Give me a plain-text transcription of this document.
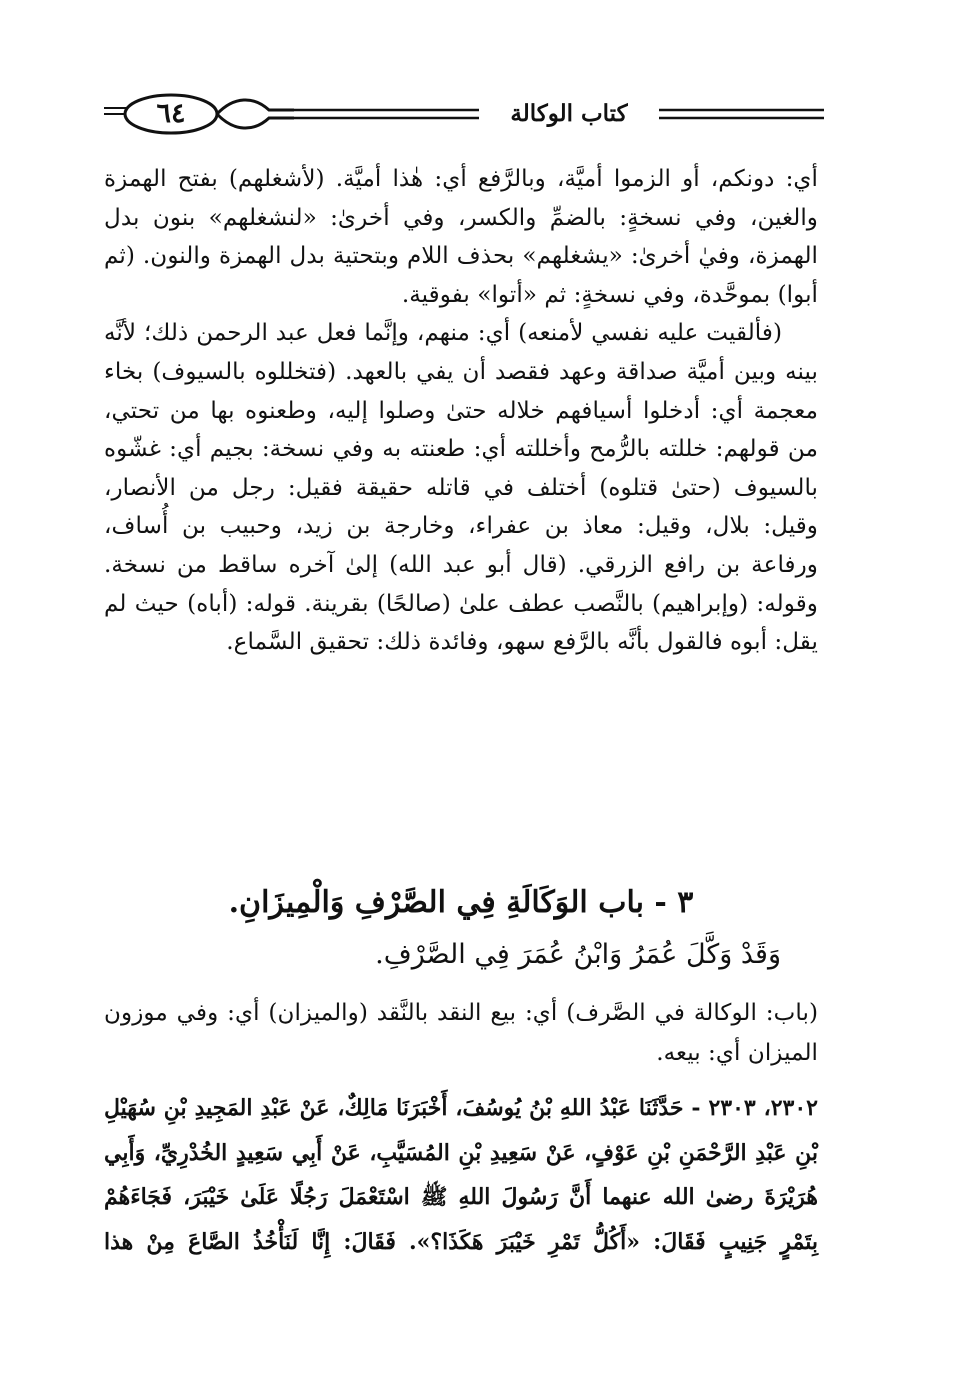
٦٤	كتاب الوكالة

أي: دونكم، أو الزموا أميَّة، وبالرَّفع أي: هٰذا أميَّة. (لأشغلهم) بفتح الهمزة والغين، وفي نسخةٍ: بالضمِّ والكسر، وفي أخرىٰ: «لنشغلهم» بنون بدل الهمزة، وفيٰ أخرىٰ: «يشغلهم» بحذف اللام وبتحتية بدل الهمزة والنون. (ثم أبوا) بموحَّدة، وفي نسخةٍ: ثم «أتوا» بفوقية.

(فألقيت عليه نفسي لأمنعه) أي: منهم، وإنَّما فعل عبد الرحمن ذلك؛ لأنَّه بينه وبين أميَّة صداقة وعهد فقصد أن يفي بالعهد. (فتخللوه بالسيوف) بخاء معجمة أي: أدخلوا أسيافهم خلاله حتىٰ وصلوا إليه، وطعنوه بها من تحتي، من قولهم: خللته بالرُّمح وأخللته أي: طعنته به وفي نسخة: بجيم أي: غشّوه بالسيوف (حتىٰ قتلوه) أختلف في قاتله حقيقة فقيل: رجل من الأنصار، وقيل: بلال، وقيل: معاذ بن عفراء، وخارجة بن زيد، وحبيب بن أُساف، ورفاعة بن رافع الزرقي. (قال أبو عبد الله) إلىٰ آخره ساقط من نسخة. وقوله: (وإبراهيم) بالنَّصب عطف علىٰ (صالحًا) بقرينة. قوله: (أباه) حيث لم يقل: أبوه فالقول بأنَّه بالرَّفع سهو، وفائدة ذلك: تحقيق السَّماع.

٣ - باب الوَكَالَةِ فِي الصَّرْفِ وَالْمِيزَانِ.
وَقَدْ وَكَّلَ عُمَرُ وَابْنُ عُمَرَ فِي الصَّرْفِ.

(باب: الوكالة في الصَّرف) أي: بيع النقد بالنَّقد (والميزان) أي: وفي موزون الميزان أي: بيعه.

٢٣٠٢، ٢٣٠٣ - حَدَّثَنَا عَبْدُ اللهِ بْنُ يُوسُفَ، أَخْبَرَنَا مَالِكٌ، عَنْ عَبْدِ المَجِيدِ بْنِ سُهَيْلِ بْنِ عَبْدِ الرَّحْمَنِ بْنِ عَوْفٍ، عَنْ سَعِيدِ بْنِ المُسَيَّبِ، عَنْ أَبِي سَعِيدٍ الخُدْرِيِّ، وَأَبِي هُرَيْرَةَ رضىٰ الله عنهما أَنَّ رَسُولَ اللهِ ﷺ اسْتَعْمَلَ رَجُلًا عَلَىٰ خَيْبَرَ، فَجَاءَهُمْ بِتَمْرٍ جَنِيبٍ فَقَالَ: «أَكُلُّ تَمْرِ خَيْبَرَ هَكَذَا؟». فَقَالَ: إِنَّا لَنَأْخُذُ الصَّاعَ مِنْ هذا
